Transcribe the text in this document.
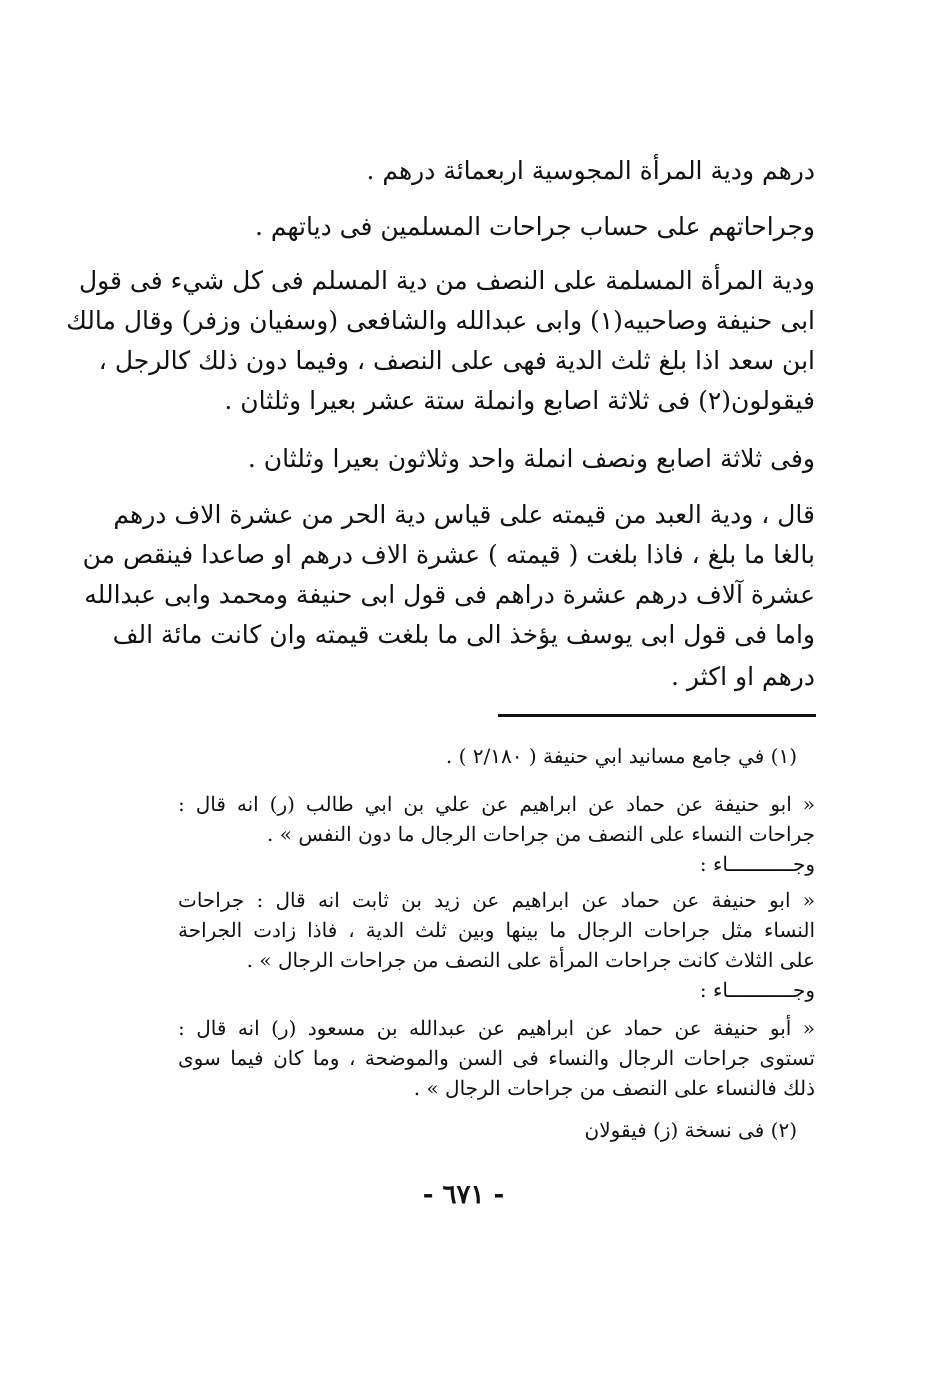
درهم ودية المرأة المجوسية اربعمائة درهم .
وجراحاتهم على حساب جراحات المسلمين فى دياتهم .
ودية المرأة المسلمة على النصف من دية المسلم فى كل شيء فى قول
ابى حنيفة وصاحبيه(١) وابى عبدالله والشافعى (وسفيان وزفر) وقال مالك
ابن سعد اذا بلغ ثلث الدية فهى على النصف ، وفيما دون ذلك كالرجل ،
فيقولون(٢) فى ثلاثة اصابع وانملة ستة عشر بعيرا وثلثان .
وفى ثلاثة اصابع ونصف انملة واحد وثلاثون بعيرا وثلثان .
قال ، ودية العبد من قيمته على قياس دية الحر من عشرة الاف درهم
بالغا ما بلغ ، فاذا بلغت ( قيمته ) عشرة الاف درهم او صاعدا فينقص من
عشرة آلاف درهم عشرة دراهم فى قول ابى حنيفة ومحمد وابى عبدالله
واما فى قول ابى يوسف يؤخذ الى ما بلغت قيمته وان كانت مائة الف
درهم او اكثر .
(١) في جامع مسانيد ابي حنيفة ( ٢/١٨٠ ) .
« ابو حنيفة عن حماد عن ابراهيم عن علي بن ابي طالب (ر) انه قال :
جراحات النساء على النصف من جراحات الرجال ما دون النفس » .
وجـــــــــــاء :
« ابو حنيفة عن حماد عن ابراهيم عن زيد بن ثابت انه قال : جراحات
النساء مثل جراحات الرجال ما بينها وبين ثلث الدية ، فاذا زادت الجراحة
على الثلاث كانت جراحات المرأة على النصف من جراحات الرجال » .
وجـــــــــــاء :
« أبو حنيفة عن حماد عن ابراهيم عن عبدالله بن مسعود (ر) انه قال :
تستوى جراحات الرجال والنساء فى السن والموضحة ، وما كان فيما سوى
ذلك فالنساء على النصف من جراحات الرجال » .
(٢) فى نسخة (ز) فيقولان
- ٦٧١ -
